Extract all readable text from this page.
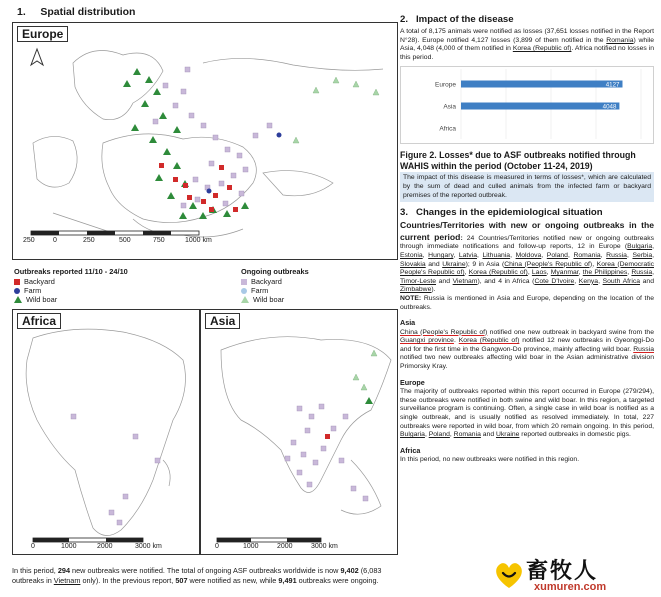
1. Spatial distribution
Europe
250	0	250	500	750	1000 km
Outbreaks reported 11/10 - 24/10
Backyard
Farm
Wild boar
Ongoing outbreaks
Backyard
Farm
Wild boar
Africa
0	1000	2000	3000 km
Asia
0	1000	2000	3000 km
In this period, 294 new outbreaks were notified. The total of ongoing ASF outbreaks worldwide is now 9,402 (6,083 outbreaks in Vietnam only). In the previous report, 507 were notified as new, while 9,491 outbreaks were ongoing.
2. Impact of the disease

A total of 8,175 animals were notified as losses (37,651 losses notified in the Report N°28). Europe notified 4,127 losses (3,899 of them notified in the Romania) while Asia, 4,048 (4,000 of them notified in Korea (Republic of). Africa notified no losses in this period.

Europe	4127
Asia	4048
Africa
Figure 2. Losses* due to ASF outbreaks notified through WAHIS within the period (October 11-24, 2019)
The impact of this disease is measured in terms of losses*, which are calculated by the sum of dead and culled animals from the infected farm or backyard premises of the reported outbreak.
3. Changes in the epidemiological situation

Countries/Territories with new or ongoing outbreaks in the current period: 24 Countries/Territories notified new or ongoing outbreaks through immediate notifications and follow-up reports, 12 in Europe (Bulgaria, Estonia, Hungary, Latvia, Lithuania, Moldova, Poland, Romania, Russia, Serbia, Slovakia and Ukraine); 9 in Asia (China (People's Republic of), Korea (Democratic People's Republic of), Korea (Republic of), Laos, Myanmar, the Philippines, Russia, Timor-Leste and Vietnam), and 4 in Africa (Cote D'Ivoire, Kenya, South Africa and Zimbabwe).
NOTE: Russia is mentioned in Asia and Europe, depending on the location of the outbreaks.

Asia

China (People's Republic of) notified one new outbreak in backyard swine from the Guangxi province. Korea (Republic of) notified 12 new outbreaks in Gyeonggi-Do and for the first time in the Gangwon-Do province, mainly affecting wild boar. Russia notified two new outbreaks affecting wild boar in the Asian administrative division Primorsky Kray.

Europe

The majority of outbreaks reported within this report occurred in Europe (279/294), these outbreaks were notified in both swine and wild boar. In this region, a targeted surveillance program is continuing. Often, a single case in wild boar is notified as a single outbreak, and is usually notified as resolved immediately. In total, 227 outbreaks were reported in wild boar, from which 20 remain ongoing. In this period, Bulgaria, Poland, Romania and Ukraine reported outbreaks in domestic pigs.

Africa

In this period, no new outbreaks were notified in this region.

畜牧人
xumuren.com
